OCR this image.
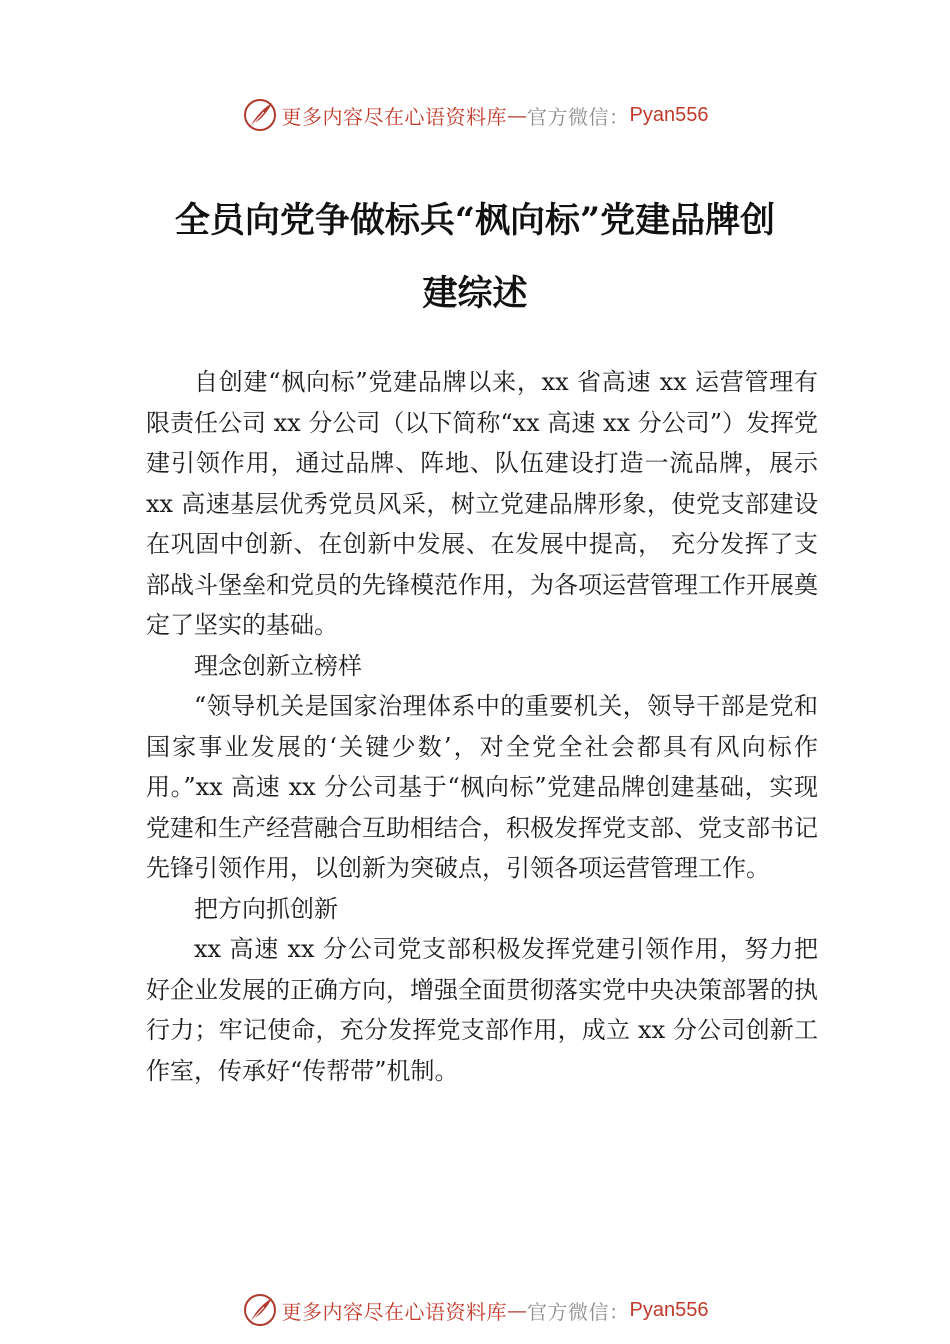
更多内容尽在心语资料库 — 官方微信： Pyan556
全员向党争做标兵“枫向标”党建品牌创
建综述

自创建“枫向标”党建品牌以来，xx 省高速 xx 运营管理有限责任公司 xx 分公司（以下简称“xx 高速 xx 分公司”）发挥党建引领作用，通过品牌、阵地、队伍建设打造一流品牌，展示 xx 高速基层优秀党员风采，树立党建品牌形象，使党支部建设在巩固中创新、在创新中发展、在发展中提高， 充分发挥了支部战斗堡垒和党员的先锋模范作用，为各项运营管理工作开展奠定了坚实的基础。

理念创新立榜样

“领导机关是国家治理体系中的重要机关，领导干部是党和国家事业发展的‘关键少数’，对全党全社会都具有风向标作用。”xx 高速 xx 分公司基于“枫向标”党建品牌创建基础，实现党建和生产经营融合互助相结合，积极发挥党支部、党支部书记先锋引领作用，以创新为突破点，引领各项运营管理工作。

把方向抓创新

xx 高速 xx 分公司党支部积极发挥党建引领作用，努力把好企业发展的正确方向，增强全面贯彻落实党中央决策部署的执行力；牢记使命，充分发挥党支部作用，成立 xx 分公司创新工作室，传承好“传帮带”机制。

更多内容尽在心语资料库 — 官方微信： Pyan556
